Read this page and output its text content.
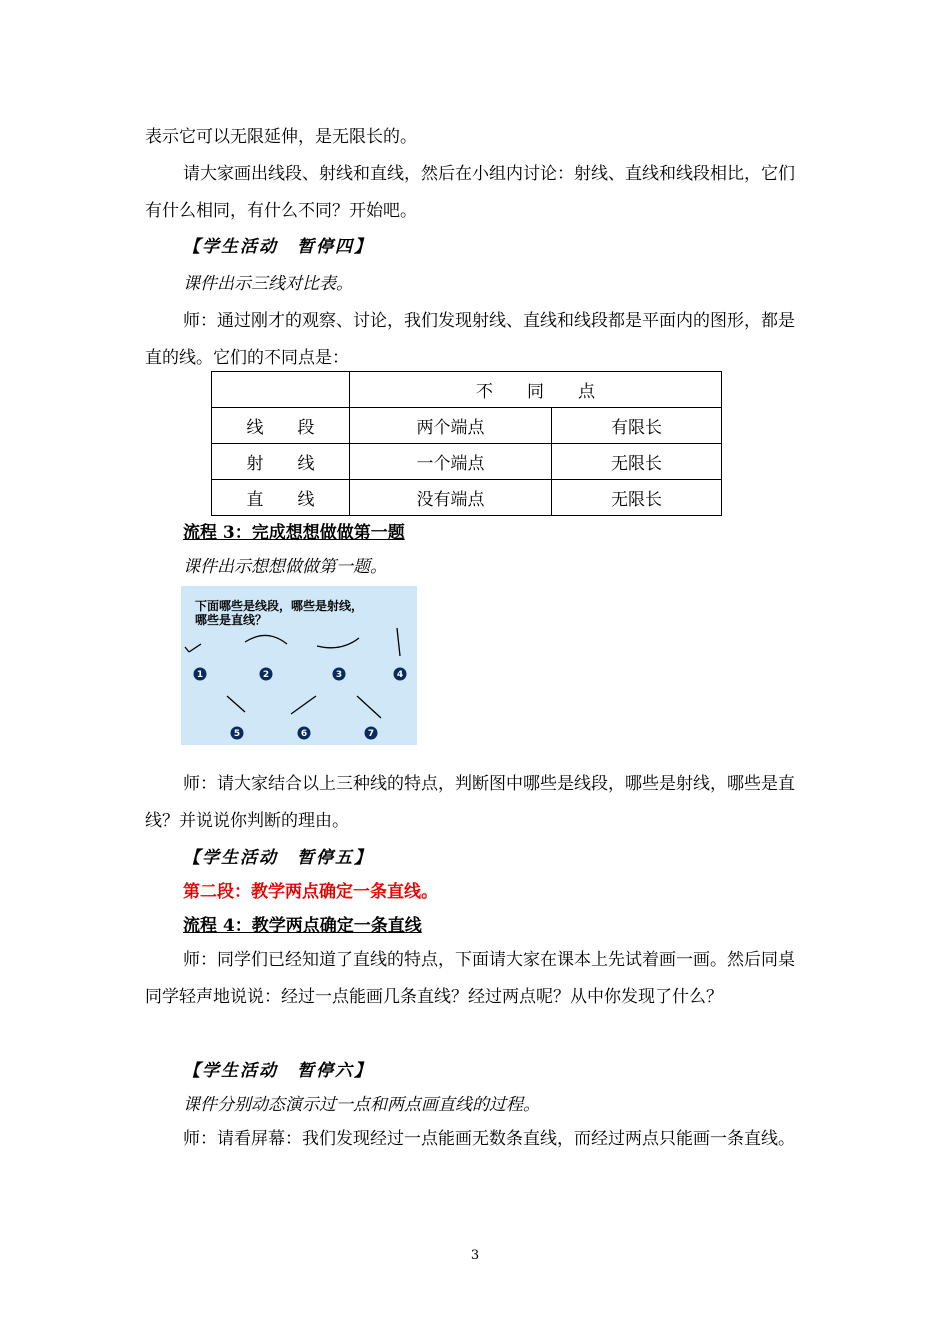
表示它可以无限延伸，是无限长的。
请大家画出线段、射线和直线，然后在小组内讨论：射线、直线和线段相比，它们有什么相同，有什么不同？开始吧。
【学生活动　暂停四】
课件出示三线对比表。
师：通过刚才的观察、讨论，我们发现射线、直线和线段都是平面内的图形，都是直的线。它们的不同点是：
	不　　同　　点	
线　　段	两个端点	有限长
射　　线	一个端点	无限长
直　　线	没有端点	无限长
流程 3：完成想想做做第一题
课件出示想想做做第一题。
下面哪些是线段，哪些是射线，
哪些是直线？
1	2	3	4
5	6	7
师：请大家结合以上三种线的特点，判断图中哪些是线段，哪些是射线，哪些是直线？并说说你判断的理由。
【学生活动　暂停五】
第二段：教学两点确定一条直线。
流程 4：教学两点确定一条直线
师：同学们已经知道了直线的特点，下面请大家在课本上先试着画一画。然后同桌同学轻声地说说：经过一点能画几条直线？经过两点呢？从中你发现了什么？
【学生活动　暂停六】
课件分别动态演示过一点和两点画直线的过程。
师：请看屏幕：我们发现经过一点能画无数条直线，而经过两点只能画一条直线。
3
